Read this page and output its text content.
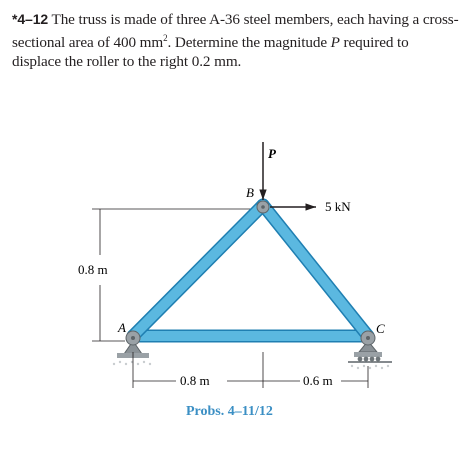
*4–12 The truss is made of three A-36 steel members, each having a cross-sectional area of 400 $mm^2$. Determine the magnitude P required to displace the roller to the right 0.2 mm.

0.8 m
P
5 kN
A
B
C
0.8 m	0.6 m
Probs. 4–11/12
